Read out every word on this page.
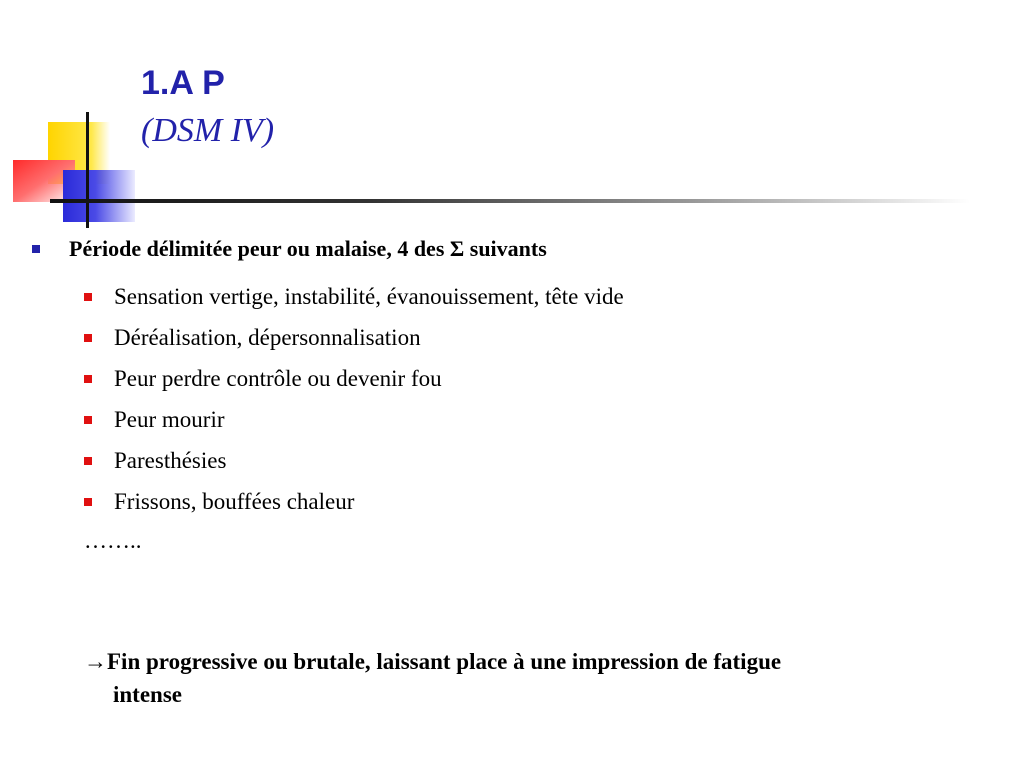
1.A P
(DSM IV)
Période délimitée peur ou malaise, 4 des Σ suivants
Sensation vertige, instabilité, évanouissement, tête vide
Déréalisation, dépersonnalisation
Peur perdre contrôle ou devenir fou
Peur mourir
Paresthésies
Frissons, bouffées chaleur
……..
→Fin progressive ou brutale, laissant place à une impression de fatigue
intense
